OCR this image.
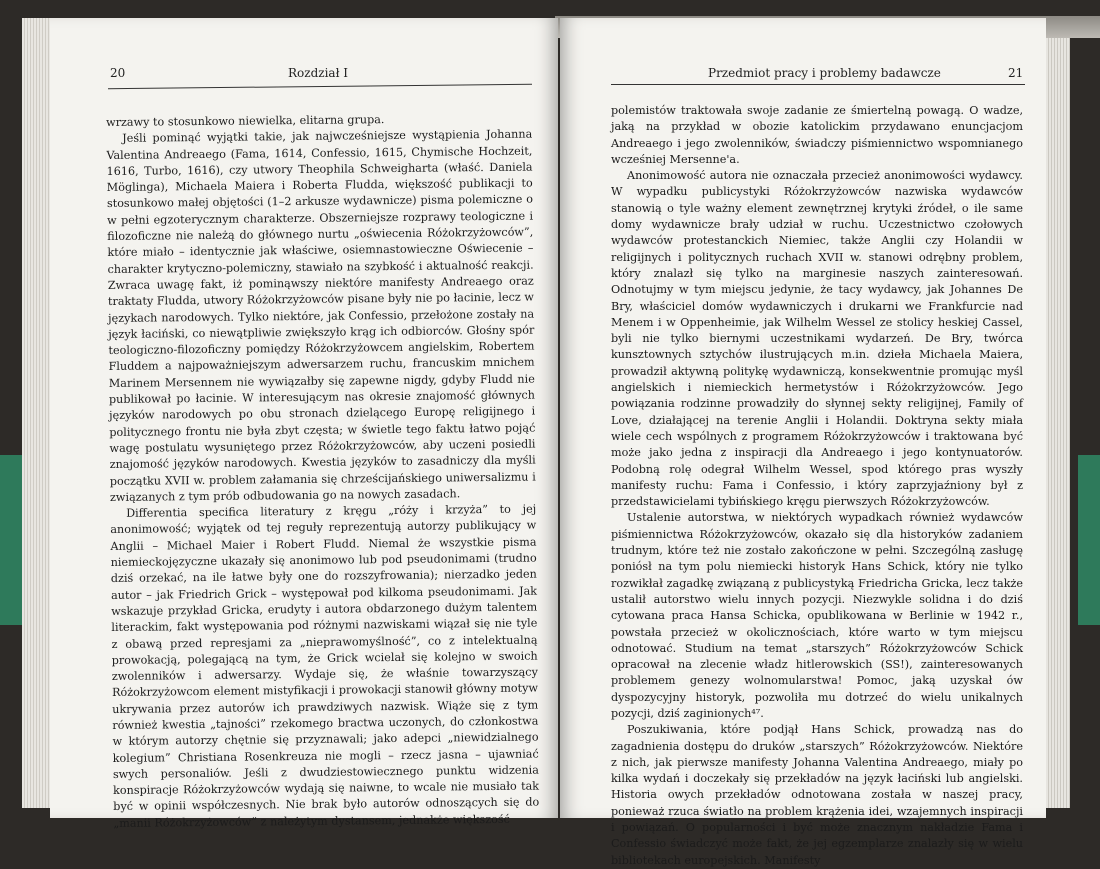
20	Rozdział I

wrzawy to stosunkowo niewielka, elitarna grupa.

Jeśli pominąć wyjątki takie, jak najwcześniejsze wystąpienia Johanna Valentina Andreaego (Fama, 1614, Confessio, 1615, Chymische Hochzeit, 1616, Turbo, 1616), czy utwory Theophila Schweigharta (właść. Daniela Möglinga), Michaela Maiera i Roberta Fludda, większość publikacji to stosunkowo małej objętości (1–2 arkusze wydawnicze) pisma polemiczne o w pełni egzoterycznym charakterze. Obszerniejsze rozprawy teologiczne i filozoficzne nie należą do głównego nurtu „oświecenia Różokrzyżowców”, które miało – identycznie jak właściwe, osiemnastowieczne Oświecenie – charakter krytyczno-polemiczny, stawiało na szybkość i aktualność reakcji. Zwraca uwagę fakt, iż pominąwszy niektóre manifesty Andreaego oraz traktaty Fludda, utwory Różokrzyżowców pisane były nie po łacinie, lecz w językach narodowych. Tylko niektóre, jak Confessio, przełożone zostały na język łaciński, co niewątpliwie zwiększyło krąg ich odbiorców. Głośny spór teologiczno-filozoficzny pomiędzy Różokrzyżowcem angielskim, Robertem Fluddem a najpoważniejszym adwersarzem ruchu, francuskim mnichem Marinem Mersennem nie wywiązałby się zapewne nigdy, gdyby Fludd nie publikował po łacinie. W interesującym nas okresie znajomość głównych języków narodowych po obu stronach dzielącego Europę religijnego i politycznego frontu nie była zbyt częsta; w świetle tego faktu łatwo pojąć wagę postulatu wysuniętego przez Różokrzyżowców, aby uczeni posiedli znajomość języków narodowych. Kwestia języków to zasadniczy dla myśli początku XVII w. problem załamania się chrześcijańskiego uniwersalizmu i związanych z tym prób odbudowania go na nowych zasadach.

Differentia specifica literatury z kręgu „róży i krzyża” to jej anonimowość; wyjątek od tej reguły reprezentują autorzy publikujący w Anglii – Michael Maier i Robert Fludd. Niemal że wszystkie pisma niemieckojęzyczne ukazały się anonimowo lub pod pseudonimami (trudno dziś orzekać, na ile łatwe były one do rozszyfrowania); nierzadko jeden autor – jak Friedrich Grick – występował pod kilkoma pseudonimami. Jak wskazuje przykład Gricka, erudyty i autora obdarzonego dużym talentem literackim, fakt występowania pod różnymi nazwiskami wiązał się nie tyle z obawą przed represjami za „nieprawomyślność”, co z intelektualną prowokacją, polegającą na tym, że Grick wcielał się kolejno w swoich zwolenników i adwersarzy. Wydaje się, że właśnie towarzyszący Różokrzyżowcom element mistyfikacji i prowokacji stanowił główny motyw ukrywania przez autorów ich prawdziwych nazwisk. Wiąże się z tym również kwestia „tajności” rzekomego bractwa uczonych, do członkostwa w którym autorzy chętnie się przyznawali; jako adepci „niewidzialnego kolegium” Christiana Rosenkreuza nie mogli – rzecz jasna – ujawniać swych personaliów. Jeśli z dwudziestowiecznego punktu widzenia konspiracje Różokrzyżowców wydają się naiwne, to wcale nie musiało tak być w opinii współczesnych. Nie brak było autorów odnoszących się do „manii Różokrzyżowców” z należytym dystansem, jednakże większość

Przedmiot pracy i problemy badawcze	21

polemistów traktowała swoje zadanie ze śmiertelną powagą. O wadze, jaką na przykład w obozie katolickim przydawano enuncjacjom Andreaego i jego zwolenników, świadczy piśmiennictwo wspomnianego wcześniej Mersenne'a.

Anonimowość autora nie oznaczała przecież anonimowości wydawcy. W wypadku publicystyki Różokrzyżowców nazwiska wydawców stanowią o tyle ważny element zewnętrznej krytyki źródeł, o ile same domy wydawnicze brały udział w ruchu. Uczestnictwo czołowych wydawców protestanckich Niemiec, także Anglii czy Holandii w religijnych i politycznych ruchach XVII w. stanowi odrębny problem, który znalazł się tylko na marginesie naszych zainteresowań. Odnotujmy w tym miejscu jedynie, że tacy wydawcy, jak Johannes De Bry, właściciel domów wydawniczych i drukarni we Frankfurcie nad Menem i w Oppenheimie, jak Wilhelm Wessel ze stolicy heskiej Cassel, byli nie tylko biernymi uczestnikami wydarzeń. De Bry, twórca kunsztownych sztychów ilustrujących m.in. dzieła Michaela Maiera, prowadził aktywną politykę wydawniczą, konsekwentnie promując myśl angielskich i niemieckich hermetystów i Różokrzyżowców. Jego powiązania rodzinne prowadziły do słynnej sekty religijnej, Family of Love, działającej na terenie Anglii i Holandii. Doktryna sekty miała wiele cech wspólnych z programem Różokrzyżowców i traktowana być może jako jedna z inspiracji dla Andreaego i jego kontynuatorów. Podobną rolę odegrał Wilhelm Wessel, spod którego pras wyszły manifesty ruchu: Fama i Confessio, i który zaprzyjaźniony był z przedstawicielami tybińskiego kręgu pierwszych Różokrzyżowców.

Ustalenie autorstwa, w niektórych wypadkach również wydawców piśmiennictwa Różokrzyżowców, okazało się dla historyków zadaniem trudnym, które też nie zostało zakończone w pełni. Szczególną zasługę poniósł na tym polu niemiecki historyk Hans Schick, który nie tylko rozwikłał zagadkę związaną z publicystyką Friedricha Gricka, lecz także ustalił autorstwo wielu innych pozycji. Niezwykle solidna i do dziś cytowana praca Hansa Schicka, opublikowana w Berlinie w 1942 r., powstała przecież w okolicznościach, które warto w tym miejscu odnotować. Studium na temat „starszych” Różokrzyżowców Schick opracował na zlecenie władz hitlerowskich (SS!), zainteresowanych problemem genezy wolnomularstwa! Pomoc, jaką uzyskał ów dyspozycyjny historyk, pozwoliła mu dotrzeć do wielu unikalnych pozycji, dziś zaginionych⁴⁷.

Poszukiwania, które podjął Hans Schick, prowadzą nas do zagadnienia dostępu do druków „starszych” Różokrzyżowców. Niektóre z nich, jak pierwsze manifesty Johanna Valentina Andreaego, miały po kilka wydań i doczekały się przekładów na język łaciński lub angielski. Historia owych przekładów odnotowana została w naszej pracy, ponieważ rzuca światło na problem krążenia idei, wzajemnych inspiracji i powiązań. O popularności i być może znacznym nakładzie Fama i Confessio świadczyć może fakt, że jej egzemplarze znalazły się w wielu bibliotekach europejskich. Manifesty
